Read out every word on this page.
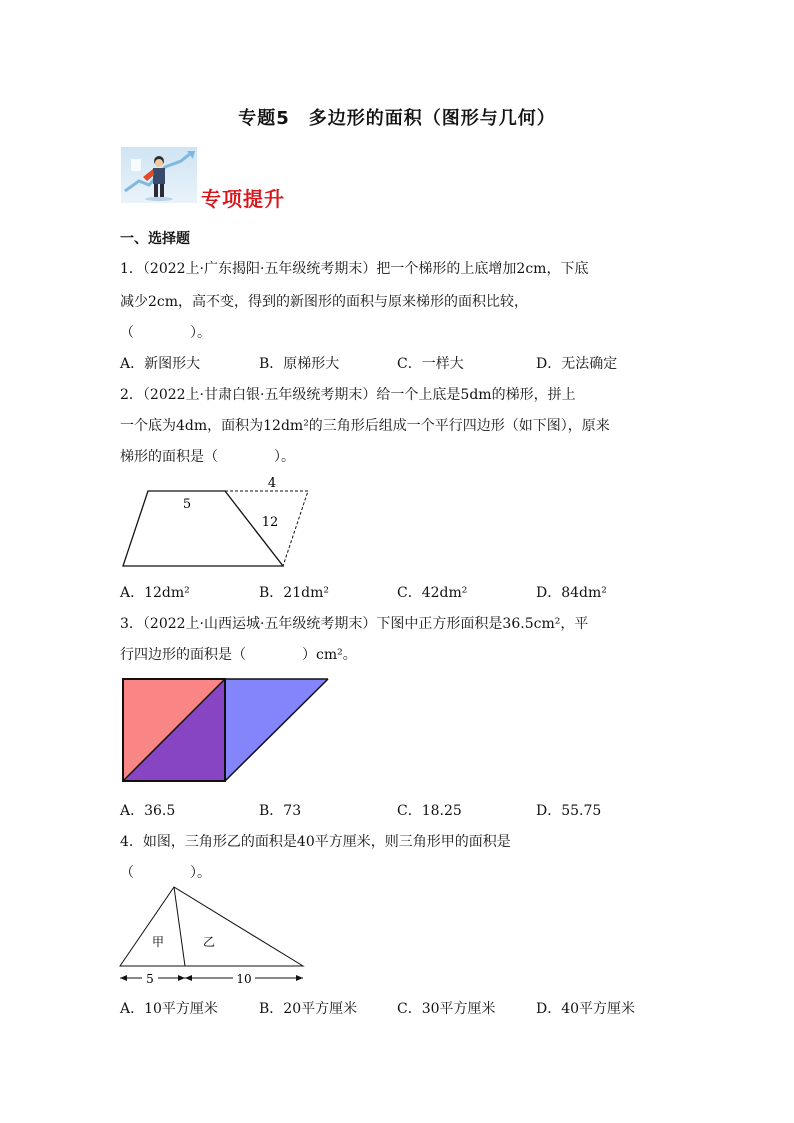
专题5　多边形的面积（图形与几何）
专项提升
一、选择题
1．（2022上·广东揭阳·五年级统考期末）把一个梯形的上底增加2cm，下底
减少2cm，高不变，得到的新图形的面积与原来梯形的面积比较，
（　　　　）。
A．新图形大	B．原梯形大	C．一样大	D．无法确定
2．（2022上·甘肃白银·五年级统考期末）给一个上底是5dm的梯形，拼上
一个底为4dm，面积为12dm²的三角形后组成一个平行四边形（如下图），原来
梯形的面积是（　　　　）。
5
4
12
A．12dm²	B．21dm²	C．42dm²	D．84dm²
3．（2022上·山西运城·五年级统考期末）下图中正方形面积是36.5cm²，平
行四边形的面积是（　　　　）cm²。
A．36.5	B．73	C．18.25	D．55.75
4．如图，三角形乙的面积是40平方厘米，则三角形甲的面积是
（　　　　）。
甲	乙
5	10
A．10平方厘米	B．20平方厘米	C．30平方厘米	D．40平方厘米
